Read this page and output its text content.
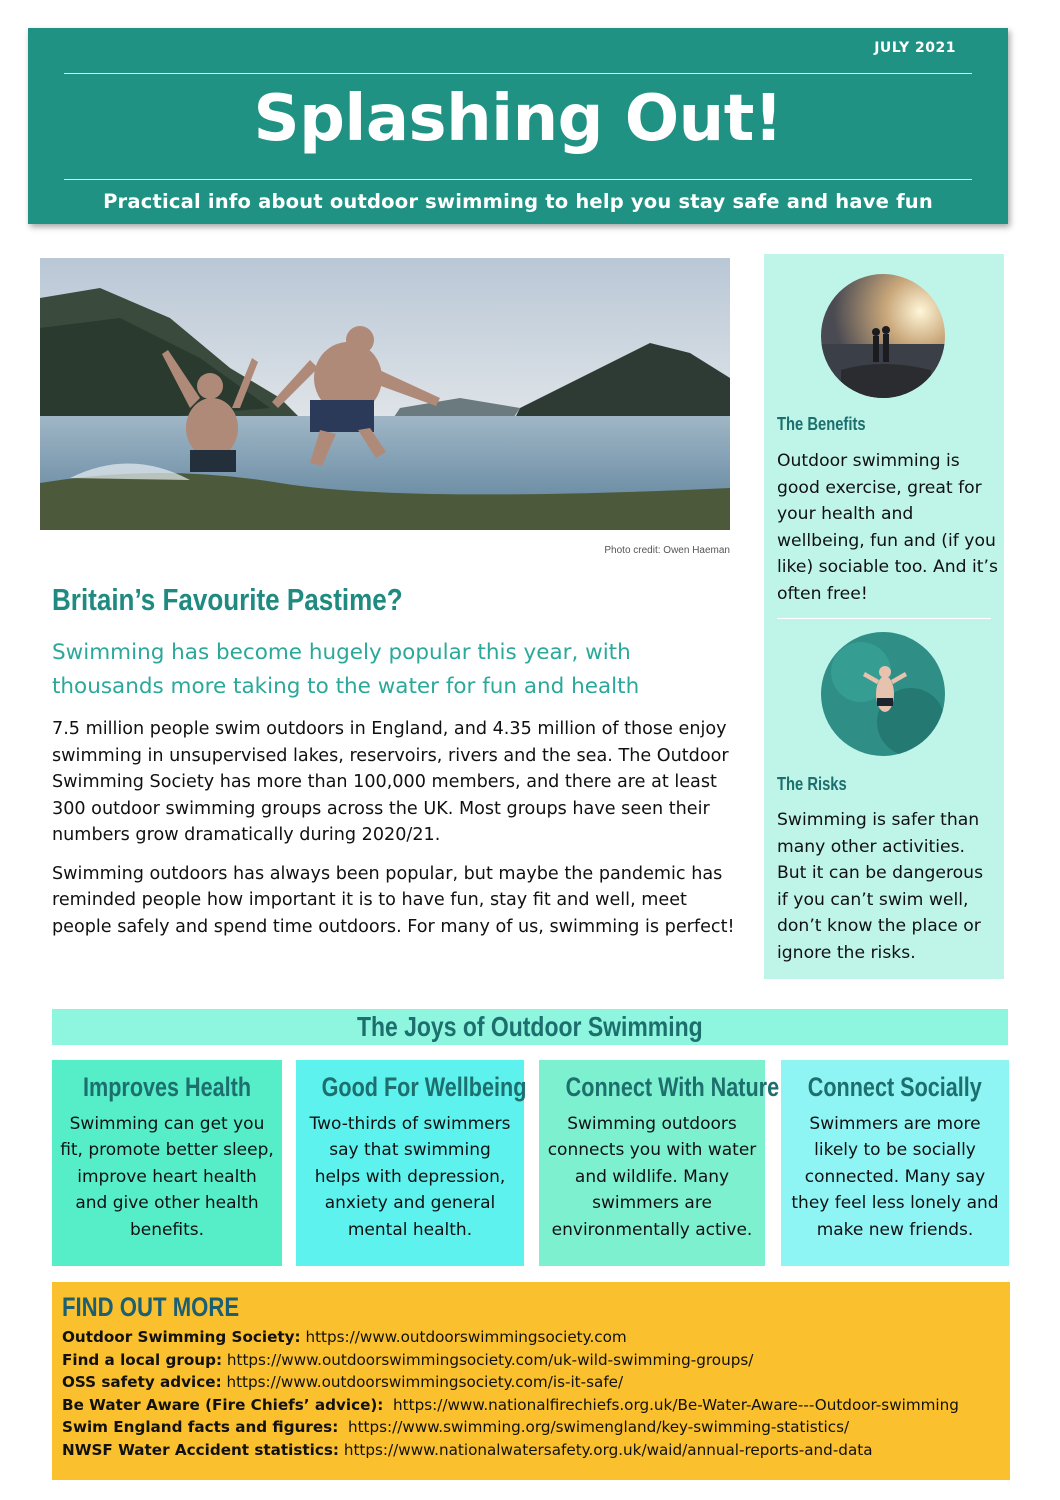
JULY 2021
Splashing Out!
Practical info about outdoor swimming to help you stay safe and have fun
Photo credit: Owen Haeman
Britain’s Favourite Pastime?
Swimming has become hugely popular this year, with thousands more taking to the water for fun and health

7.5 million people swim outdoors in England, and 4.35 million of those enjoy swimming in unsupervised lakes, reservoirs, rivers and the sea. The Outdoor Swimming Society has more than 100,000 members, and there are at least 300 outdoor swimming groups across the UK. Most groups have seen their numbers grow dramatically during 2020/21.

Swimming outdoors has always been popular, but maybe the pandemic has reminded people how important it is to have fun, stay fit and well, meet people safely and spend time outdoors. For many of us, swimming is perfect!

The Benefits
Outdoor swimming is good exercise, great for your health and wellbeing, fun and (if you like) sociable too. And it’s often free!
The Risks
Swimming is safer than many other activities. But it can be dangerous if you can’t swim well, don’t know the place or ignore the risks.
The Joys of Outdoor Swimming
Improves Health
Swimming can get you fit, promote better sleep, improve heart health and give other health benefits.
Good For Wellbeing
Two-thirds of swimmers say that swimming helps with depression, anxiety and general mental health.
Connect With Nature
Swimming outdoors connects you with water and wildlife. Many swimmers are environmentally active.
Connect Socially
Swimmers are more likely to be socially connected. Many say they feel less lonely and make new friends.
FIND OUT MORE
Outdoor Swimming Society: https://www.outdoorswimmingsociety.com
Find a local group: https://www.outdoorswimmingsociety.com/uk-wild-swimming-groups/
OSS safety advice: https://www.outdoorswimmingsociety.com/is-it-safe/
Be Water Aware (Fire Chiefs’ advice): https://www.nationalfirechiefs.org.uk/Be-Water-Aware---Outdoor-swimming
Swim England facts and figures: https://www.swimming.org/swimengland/key-swimming-statistics/
NWSF Water Accident statistics: https://www.nationalwatersafety.org.uk/waid/annual-reports-and-data
